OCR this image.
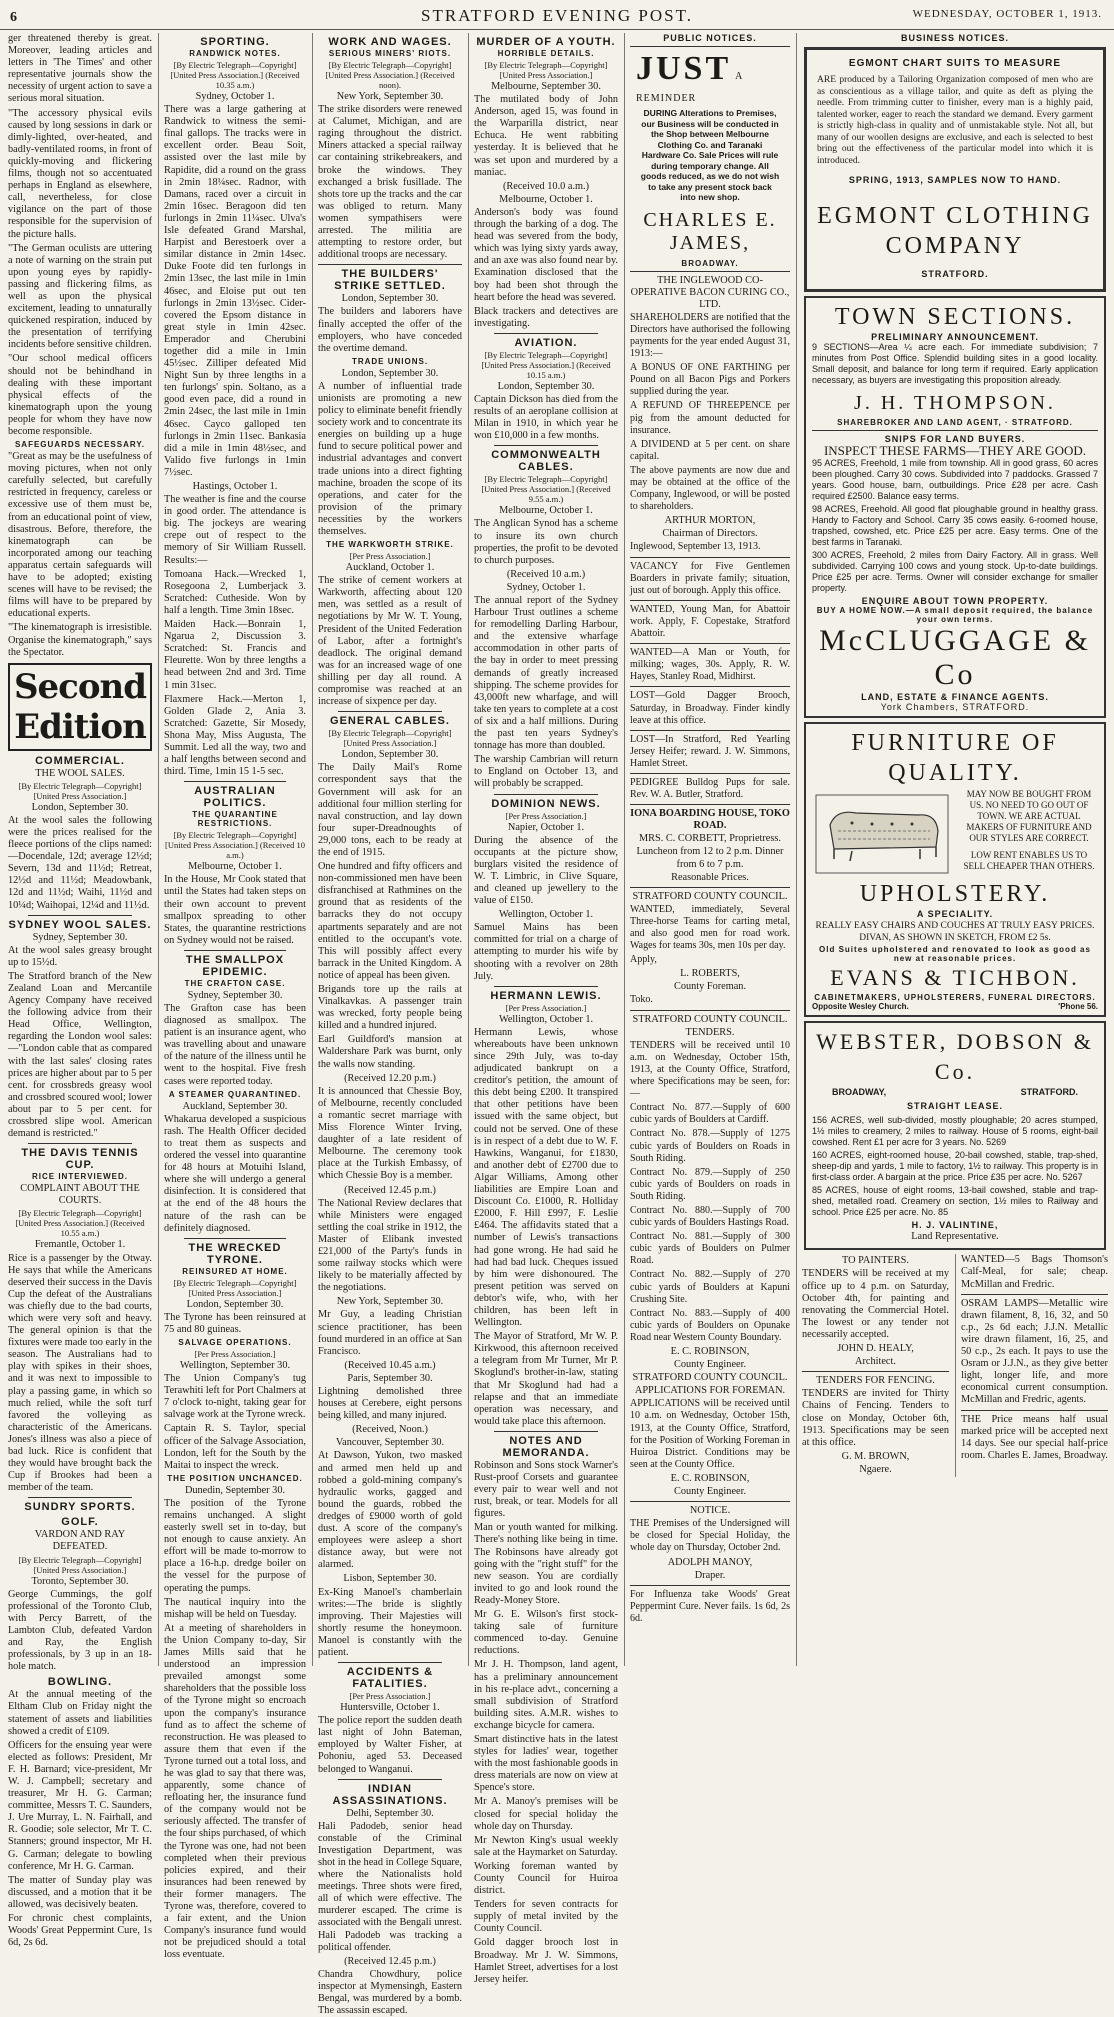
6	STRATFORD EVENING POST.	WEDNESDAY, OCTOBER 1, 1913.
ger threatened thereby is great. Moreover, leading articles and letters in 'The Times' and other representative journals show the necessity of urgent action to save a serious moral situation.
"The accessory physical evils caused by long sessions in dark or dimly-lighted, over-heated, and badly-ventilated rooms, in front of quickly-moving and flickering films, though not so accentuated perhaps in England as elsewhere, call, nevertheless, for close vigilance on the part of those responsible for the supervision of the picture halls.
"The German oculists are uttering a note of warning on the strain put upon young eyes by rapidly-passing and flickering films, as well as upon the physical excitement, leading to unnaturally quickened respiration, induced by the presentation of terrifying incidents before sensitive children.
"Our school medical officers should not be behindhand in dealing with these important physical effects of the kinematograph upon the young people for whom they have now become responsible.
SAFEGUARDS NECESSARY.
"Great as may be the usefulness of moving pictures, when not only carefully selected, but carefully restricted in frequency, careless or excessive use of them must be, from an educational point of view, disastrous. Before, therefore, the kinematograph can be incorporated among our teaching apparatus certain safeguards will have to be adopted; existing scenes will have to be revised; the films will have to be prepared by educational experts.
"The kinematograph is irresistible. Organise the kinematograph," says the Spectator.
Second Edition
COMMERCIAL.
THE WOOL SALES.
[By Electric Telegraph—Copyright] [United Press Association.]
London, September 30.
At the wool sales the following were the prices realised for the fleece portions of the clips named:—Docendale, 12d; average 12½d; Severn, 13d and 11½d; Retreat, 12½d and 11½d; Meadowbank, 12d and 11½d; Waihi, 11½d and 10¼d; Waihopai, 12¼d and 11½d.
SYDNEY WOOL SALES.
Sydney, September 30.
At the wool sales greasy brought up to 15½d.
The Stratford branch of the New Zealand Loan and Mercantile Agency Company have received the following advice from their Head Office, Wellington, regarding the London wool sales:—"London cable that as compared with the last sales' closing rates prices are higher about par to 5 per cent. for crossbreds greasy wool and crossbred scoured wool; lower about par to 5 per cent. for crossbred slipe wool. American demand is restricted."
THE DAVIS TENNIS CUP.
RICE INTERVIEWED.
COMPLAINT ABOUT THE COURTS.
[By Electric Telegraph—Copyright] [United Press Association.] (Received 10.55 a.m.)
Fremantle, October 1.
Rice is a passenger by the Otway. He says that while the Americans deserved their success in the Davis Cup the defeat of the Australians was chiefly due to the bad courts, which were very soft and heavy. The general opinion is that the fixtures were made too early in the season. The Australians had to play with spikes in their shoes, and it was next to impossible to play a passing game, in which so much relied, while the soft turf favored the volleying as characteristic of the Americans. Jones's illness was also a piece of bad luck. Rice is confident that they would have brought back the Cup if Brookes had been a member of the team.
SUNDRY SPORTS.
GOLF.
VARDON AND RAY DEFEATED.
[By Electric Telegraph—Copyright] [United Press Association.]
Toronto, September 30.
George Cummings, the golf professional of the Toronto Club, with Percy Barrett, of the Lambton Club, defeated Vardon and Ray, the English professionals, by 3 up in an 18-hole match.
BOWLING.
At the annual meeting of the Eltham Club on Friday night the statement of assets and liabilities showed a credit of £109.
Officers for the ensuing year were elected as follows: President, Mr F. H. Barnard; vice-president, Mr W. J. Campbell; secretary and treasurer, Mr H. G. Carman; committee, Messrs T. C. Saunders, J. Ure Murray, L. N. Fairhall, and R. Goodie; sole selector, Mr T. C. Stanners; ground inspector, Mr H. G. Carman; delegate to bowling conference, Mr H. G. Carman.
The matter of Sunday play was discussed, and a motion that it be allowed, was decisively beaten.
For chronic chest complaints, Woods' Great Peppermint Cure, 1s 6d, 2s 6d.
SPORTING.
RANDWICK NOTES.
[By Electric Telegraph—Copyright] [United Press Association.] (Received 10.35 a.m.)
Sydney, October 1.
There was a large gathering at Randwick to witness the semi-final gallops. The tracks were in excellent order. Beau Soit, assisted over the last mile by Rapidite, did a round on the grass in 2min 18¼sec. Radnor, with Damans, raced over a circuit in 2min 16sec. Beragoon did ten furlongs in 2min 11¼sec. Ulva's Isle defeated Grand Marshal, Harpist and Berestoerk over a similar distance in 2min 14sec. Duke Foote did ten furlongs in 2min 13sec, the last mile in 1min 46sec, and Eloise put out ten furlongs in 2min 13½sec. Cider-covered the Epsom distance in great style in 1min 42sec. Emperador and Cherubini together did a mile in 1min 45½sec. Zilliper defeated Mid Night Sun by three lengths in a ten furlongs' spin. Soltano, as a good even pace, did a round in 2min 24sec, the last mile in 1min 46sec. Cayco galloped ten furlongs in 2min 11sec. Bankasia did a mile in 1min 48½sec, and Valido five furlongs in 1min 7½sec.
Hastings, October 1.
The weather is fine and the course in good order. The attendance is big. The jockeys are wearing crepe out of respect to the memory of Sir William Russell. Results:—
Tomoana Hack.—Wrecked 1, Rosegoona 2, Lumberjack 3. Scratched: Cutheside. Won by half a length. Time 3min 18sec.
Maiden Hack.—Bonrain 1, Ngarua 2, Discussion 3. Scratched: St. Francis and Fleurette. Won by three lengths a head between 2nd and 3rd. Time 1 min 31sec.
Flaxmere Hack.—Merton 1, Golden Glade 2, Ania 3. Scratched: Gazette, Sir Mosedy, Shona May, Miss Augusta, The Summit. Led all the way, two and a half lengths between second and third. Time, 1min 15 1-5 sec.
AUSTRALIAN POLITICS.
THE QUARANTINE RESTRICTIONS.
[By Electric Telegraph—Copyright] [United Press Association.] (Received 10 a.m.)
Melbourne, October 1.
In the House, Mr Cook stated that until the States had taken steps on their own account to prevent smallpox spreading to other States, the quarantine restrictions on Sydney would not be raised.
THE SMALLPOX EPIDEMIC.
THE CRAFTON CASE.
Sydney, September 30.
The Grafton case has been diagnosed as smallpox. The patient is an insurance agent, who was travelling about and unaware of the nature of the illness until he went to the hospital. Five fresh cases were reported today.
A STEAMER QUARANTINED.
Auckland, September 30.
Whakarua developed a suspicious rash. The Health Officer decided to treat them as suspects and ordered the vessel into quarantine for 48 hours at Motuihi Island, where she will undergo a general disinfection. It is considered that at the end of the 48 hours the nature of the rash can be definitely diagnosed.
THE WRECKED TYRONE.
REINSURED AT HOME.
[By Electric Telegraph—Copyright] [United Press Association.]
London, September 30.
The Tyrone has been reinsured at 75 and 80 guineas.
SALVAGE OPERATIONS.
[Per Press Association.]
Wellington, September 30.
The Union Company's tug Terawhiti left for Port Chalmers at 7 o'clock to-night, taking gear for salvage work at the Tyrone wreck.
Captain R. S. Taylor, special officer of the Salvage Association, London, left for the South by the Maitai to inspect the wreck.
THE POSITION UNCHANCED.
Dunedin, September 30.
The position of the Tyrone remains unchanged. A slight easterly swell set in to-day, but not enough to cause anxiety. An effort will be made to-morrow to place a 16-h.p. dredge boiler on the vessel for the purpose of operating the pumps.
The nautical inquiry into the mishap will be held on Tuesday.
At a meeting of shareholders in the Union Company to-day, Sir James Mills said that he understood an impression prevailed amongst some shareholders that the possible loss of the Tyrone might so encroach upon the company's insurance fund as to affect the scheme of reconstruction. He was pleased to assure them that even if the Tyrone turned out a total loss, and he was glad to say that there was, apparently, some chance of refloating her, the insurance fund of the company would not be seriously affected. The transfer of the four ships purchased, of which the Tyrone was one, had not been completed when their previous policies expired, and their insurances had been renewed by their former managers. The Tyrone was, therefore, covered to a fair extent, and the Union Company's insurance fund would not be prejudiced should a total loss eventuate.
WORK AND WAGES.
SERIOUS MINERS' RIOTS.
[By Electric Telegraph—Copyright] [United Press Association.] (Received noon).
New York, September 30.
The strike disorders were renewed at Calumet, Michigan, and are raging throughout the district. Miners attacked a special railway car containing strikebreakers, and broke the windows. They exchanged a brisk fusillade. The shots tore up the tracks and the car was obliged to return. Many women sympathisers were arrested. The militia are attempting to restore order, but additional troops are necessary.
THE BUILDERS' STRIKE SETTLED.
London, September 30.
The builders and laborers have finally accepted the offer of the employers, who have conceded the overtime demand.
TRADE UNIONS.
London, September 30.
A number of influential trade unionists are promoting a new policy to eliminate benefit friendly society work and to concentrate its energies on building up a huge fund to secure political power and industrial advantages and convert trade unions into a direct fighting machine, broaden the scope of its operations, and cater for the provision of the primary necessities by the workers themselves.
THE WARKWORTH STRIKE.
[Per Press Association.]
Auckland, October 1.
The strike of cement workers at Warkworth, affecting about 120 men, was settled as a result of negotiations by Mr W. T. Young, President of the United Federation of Labor, after a fortnight's deadlock. The original demand was for an increased wage of one shilling per day all round. A compromise was reached at an increase of sixpence per day.
GENERAL CABLES.
[By Electric Telegraph—Copyright] [United Press Association.]
London, September 30.
The Daily Mail's Rome correspondent says that the Government will ask for an additional four million sterling for naval construction, and lay down four super-Dreadnoughts of 29,000 tons, each to be ready at the end of 1915.
One hundred and fifty officers and non-commissioned men have been disfranchised at Rathmines on the ground that as residents of the barracks they do not occupy apartments separately and are not entitled to the occupant's vote. This will possibly affect every barrack in the United Kingdom. A notice of appeal has been given.
Brigands tore up the rails at Vinalkavkas. A passenger train was wrecked, forty people being killed and a hundred injured.
Earl Guildford's mansion at Waldershare Park was burnt, only the walls now standing.
(Received 12.20 p.m.)
It is announced that Chessie Boy, of Melbourne, recently concluded a romantic secret marriage with Miss Florence Winter Irving, daughter of a late resident of Melbourne. The ceremony took place at the Turkish Embassy, of which Chessie Boy is a member.
(Received 12.45 p.m.)
The National Review declares that while Ministers were engaged settling the coal strike in 1912, the Master of Elibank invested £21,000 of the Party's funds in some railway stocks which were likely to be materially affected by the negotiations.
New York, September 30.
Mr Guy, a leading Christian science practitioner, has been found murdered in an office at San Francisco.
(Received 10.45 a.m.)
Paris, September 30.
Lightning demolished three houses at Cerebere, eight persons being killed, and many injured.
(Received, Noon.)
Vancouver, September 30.
At Dawson, Yukon, two masked and armed men held up and robbed a gold-mining company's hydraulic works, gagged and bound the guards, robbed the dredges of £9000 worth of gold dust. A score of the company's employees were asleep a short distance away, but were not alarmed.
Lisbon, September 30.
Ex-King Manoel's chamberlain writes:—The bride is slightly improving. Their Majesties will shortly resume the honeymoon. Manoel is constantly with the patient.
ACCIDENTS & FATALITIES.
[Per Press Association.]
Huntersville, October 1.
The police report the sudden death last night of John Bateman, employed by Walter Fisher, at Pohoniu, aged 53. Deceased belonged to Wanganui.
INDIAN ASSASSINATIONS.
Delhi, September 30.
Hali Padodeb, senior head constable of the Criminal Investigation Department, was shot in the head in College Square, where the Nationalists hold meetings. Three shots were fired, all of which were effective. The murderer escaped. The crime is associated with the Bengali unrest. Hali Padodeb was tracking a political offender.
(Received 12.45 p.m.)
Chandra Chowdhury, police inspector at Mymensingh, Eastern Bengal, was murdered by a bomb. The assassin escaped.
MURDER OF A YOUTH.
HORRIBLE DETAILS.
[By Electric Telegraph—Copyright] [United Press Association.]
Melbourne, September 30.
The mutilated body of John Anderson, aged 15, was found in the Warparilla district, near Echuca. He went rabbiting yesterday. It is believed that he was set upon and murdered by a maniac.
(Received 10.0 a.m.)
Melbourne, October 1.
Anderson's body was found through the barking of a dog. The head was severed from the body, which was lying sixty yards away, and an axe was also found near by. Examination disclosed that the boy had been shot through the heart before the head was severed.
Black trackers and detectives are investigating.
AVIATION.
[By Electric Telegraph—Copyright] [United Press Association.] (Received 10.15 a.m.)
London, September 30.
Captain Dickson has died from the results of an aeroplane collision at Milan in 1910, in which year he won £10,000 in a few months.
COMMONWEALTH CABLES.
[By Electric Telegraph—Copyright] [United Press Association.] (Received 9.55 a.m.)
Melbourne, October 1.
The Anglican Synod has a scheme to insure its own church properties, the profit to be devoted to church purposes.
(Received 10 a.m.)
Sydney, October 1.
The annual report of the Sydney Harbour Trust outlines a scheme for remodelling Darling Harbour, and the extensive wharfage accommodation in other parts of the bay in order to meet pressing demands of greatly increased shipping. The scheme provides for 43,000ft new wharfage, and will take ten years to complete at a cost of six and a half millions. During the past ten years Sydney's tonnage has more than doubled.
The warship Cambrian will return to England on October 13, and will probably be scrapped.
DOMINION NEWS.
[Per Press Association.]
Napier, October 1.
During the absence of the occupants at the picture show, burglars visited the residence of W. T. Limbric, in Clive Square, and cleaned up jewellery to the value of £150.
Wellington, October 1.
Samuel Mains has been committed for trial on a charge of attempting to murder his wife by shooting with a revolver on 28th July.
HERMANN LEWIS.
[Per Press Association.]
Wellington, October 1.
Hermann Lewis, whose whereabouts have been unknown since 29th July, was to-day adjudicated bankrupt on a creditor's petition, the amount of this debt being £200. It transpired that other petitions have been issued with the same object, but could not be served. One of these is in respect of a debt due to W. F. Hawkins, Wanganui, for £1830, and another debt of £2700 due to Algar Williams, Among other liabilities are Empire Loan and Discount Co. £1000, R. Holliday £2000, F. Hill £997, F. Leslie £464. The affidavits stated that a number of Lewis's transactions had gone wrong. He had said he had had bad luck. Cheques issued by him were dishonoured. The present petition was served on debtor's wife, who, with her children, has been left in Wellington.
The Mayor of Stratford, Mr W. P. Kirkwood, this afternoon received a telegram from Mr Turner, Mr P. Skoglund's brother-in-law, stating that Mr Skoglund had had a relapse and that an immediate operation was necessary, and would take place this afternoon.
NOTES AND MEMORANDA.
Robinson and Sons stock Warner's Rust-proof Corsets and guarantee every pair to wear well and not rust, break, or tear. Models for all figures.
Man or youth wanted for milking. There's nothing like being in time. The Robinsons have already got going with the "right stuff" for the new season. You are cordially invited to go and look round the Ready-Money Store.
Mr G. E. Wilson's first stock-taking sale of furniture commenced to-day. Genuine reductions.
Mr J. H. Thompson, land agent, has a preliminary announcement in his re-place advt., concerning a small subdivision of Stratford building sites. A.M.R. wishes to exchange bicycle for camera.
Smart distinctive hats in the latest styles for ladies' wear, together with the most fashionable goods in dress materials are now on view at Spence's store.
Mr A. Manoy's premises will be closed for special holiday the whole day on Thursday.
Mr Newton King's usual weekly sale at the Haymarket on Saturday.
Working foreman wanted by County Council for Huiroa district.
Tenders for seven contracts for supply of metal invited by the County Council.
Gold dagger brooch lost in Broadway. Mr J. W. Simmons, Hamlet Street, advertises for a lost Jersey heifer.
PUBLIC NOTICES.
JUST A REMINDER
DURING Alterations to Premises, our Business will be conducted in the Shop between Melbourne Clothing Co. and Taranaki Hardware Co. Sale Prices will rule during temporary change. All goods reduced, as we do not wish to take any present stock back into new shop.
CHARLES E. JAMES,
BROADWAY.
THE INGLEWOOD CO-OPERATIVE BACON CURING CO., LTD.
SHAREHOLDERS are notified that the Directors have authorised the following payments for the year ended August 31, 1913:—
A BONUS OF ONE FARTHING per Pound on all Bacon Pigs and Porkers supplied during the year.
A REFUND OF THREEPENCE per pig from the amount deducted for insurance.
A DIVIDEND at 5 per cent. on share capital.
The above payments are now due and may be obtained at the office of the Company, Inglewood, or will be posted to shareholders.
ARTHUR MORTON,
Chairman of Directors.
Inglewood, September 13, 1913.
VACANCY for Five Gentlemen Boarders in private family; situation, just out of borough. Apply this office.
WANTED, Young Man, for Abattoir work. Apply, F. Copestake, Stratford Abattoir.
WANTED—A Man or Youth, for milking; wages, 30s. Apply, R. W. Hayes, Stanley Road, Midhirst.
LOST—Gold Dagger Brooch, Saturday, in Broadway. Finder kindly leave at this office.
LOST—In Stratford, Red Yearling Jersey Heifer; reward. J. W. Simmons, Hamlet Street.
PEDIGREE Bulldog Pups for sale. Rev. W. A. Butler, Stratford.
IONA BOARDING HOUSE, TOKO ROAD.
MRS. C. CORBETT, Proprietress.
Luncheon from 12 to 2 p.m. Dinner from 6 to 7 p.m.
Reasonable Prices.
STRATFORD COUNTY COUNCIL.
WANTED, immediately, Several Three-horse Teams for carting metal, and also good men for road work. Wages for teams 30s, men 10s per day.
Apply,
L. ROBERTS,
County Foreman.
Toko.
STRATFORD COUNTY COUNCIL.
TENDERS.
TENDERS will be received until 10 a.m. on Wednesday, October 15th, 1913, at the County Office, Stratford, where Specifications may be seen, for:—
Contract No. 877.—Supply of 600 cubic yards of Boulders at Cardiff.
Contract No. 878.—Supply of 1275 cubic yards of Boulders on Roads in South Riding.
Contract No. 879.—Supply of 250 cubic yards of Boulders on roads in South Riding.
Contract No. 880.—Supply of 700 cubic yards of Boulders Hastings Road.
Contract No. 881.—Supply of 300 cubic yards of Boulders on Pulmer Road.
Contract No. 882.—Supply of 270 cubic yards of Boulders at Kapuni Crushing Site.
Contract No. 883.—Supply of 400 cubic yards of Boulders on Opunake Road near Western County Boundary.
E. C. ROBINSON,
County Engineer.
STRATFORD COUNTY COUNCIL.
APPLICATIONS FOR FOREMAN.
APPLICATIONS will be received until 10 a.m. on Wednesday, October 15th, 1913, at the County Office, Stratford, for the Position of Working Foreman in Huiroa District. Conditions may be seen at the County Office.
E. C. ROBINSON,
County Engineer.
NOTICE.
THE Premises of the Undersigned will be closed for Special Holiday, the whole day on Thursday, October 2nd.
ADOLPH MANOY,
Draper.
For Influenza take Woods' Great Peppermint Cure. Never fails. 1s 6d, 2s 6d.
BUSINESS NOTICES.
EGMONT CHART SUITS TO MEASURE
ARE produced by a Tailoring Organization composed of men who are as conscientious as a village tailor, and quite as deft as plying the needle. From trimming cutter to finisher, every man is a highly paid, talented worker, eager to reach the standard we demand. Every garment is strictly high-class in quality and of unmistakable style. Not all, but many of our woollen designs are exclusive, and each is selected to best bring out the effectiveness of the particular model into which it is introduced.
SPRING, 1913, SAMPLES NOW TO HAND.
EGMONT CLOTHING
COMPANY
STRATFORD.
TOWN SECTIONS.
PRELIMINARY ANNOUNCEMENT.
9 SECTIONS—Area ¼ acre each. For immediate subdivision; 7 minutes from Post Office. Splendid building sites in a good locality. Small deposit, and balance for long term if required. Early application necessary, as buyers are investigating this proposition already.
J. H. THOMPSON.
SHAREBROKER AND LAND AGENT, · STRATFORD.
SNIPS FOR LAND BUYERS.
INSPECT THESE FARMS—THEY ARE GOOD.
95 ACRES, Freehold, 1 mile from township. All in good grass, 60 acres been ploughed. Carry 30 cows. Subdivided into 7 paddocks. Grassed 7 years. Good house, barn, outbuildings. Price £28 per acre. Cash required £2500. Balance easy terms.
98 ACRES, Freehold. All good flat ploughable ground in healthy grass. Handy to Factory and School. Carry 35 cows easily. 6-roomed house, trapshed, cowshed, etc. Price £25 per acre. Easy terms. One of the best farms in Taranaki.
300 ACRES, Freehold, 2 miles from Dairy Factory. All in grass. Well subdivided. Carrying 100 cows and young stock. Up-to-date buildings. Price £25 per acre. Terms. Owner will consider exchange for smaller property.
ENQUIRE ABOUT TOWN PROPERTY.
BUY A HOME NOW.—A small deposit required, the balance your own terms.
McCLUGGAGE & Co
LAND, ESTATE & FINANCE AGENTS.
York Chambers, STRATFORD.
FURNITURE OF QUALITY.
MAY NOW BE BOUGHT FROM US. NO NEED TO GO OUT OF TOWN. WE ARE ACTUAL MAKERS OF FURNITURE AND OUR STYLES ARE CORRECT.
LOW RENT ENABLES US TO SELL CHEAPER THAN OTHERS.
UPHOLSTERY.
A SPECIALITY.
REALLY EASY CHAIRS AND COUCHES AT TRULY EASY PRICES. DIVAN, AS SHOWN IN SKETCH, FROM £2 5s.
Old Suites upholstered and renovated to look as good as new at reasonable prices.
EVANS & TICHBON.
CABINETMAKERS, UPHOLSTERERS, FUNERAL DIRECTORS.
Opposite Wesley Church.	'Phone 56.
WEBSTER, DOBSON & Co.
BROADWAY,	STRATFORD.
STRAIGHT LEASE.
156 ACRES, well sub-divided, mostly ploughable; 20 acres stumped, 1½ miles to creamery, 2 miles to railway. House of 5 rooms, eight-bail cowshed. Rent £1 per acre for 3 years. No. 5269
160 ACRES, eight-roomed house, 20-bail cowshed, stable, trap-shed, sheep-dip and yards, 1 mile to factory, 1½ to railway. This property is in first-class order. A bargain at the price. Price £35 per acre. No. 5267
85 ACRES, house of eight rooms, 13-bail cowshed, stable and trap-shed, metalled road. Creamery on section, 1½ miles to Railway and school. Price £25 per acre. No. 85
H. J. VALINTINE,
Land Representative.
TO PAINTERS.
TENDERS will be received at my office up to 4 p.m. on Saturday, October 4th, for painting and renovating the Commercial Hotel. The lowest or any tender not necessarily accepted.
JOHN D. HEALY,
Architect.
TENDERS FOR FENCING.
TENDERS are invited for Thirty Chains of Fencing. Tenders to close on Monday, October 6th, 1913. Specifications may be seen at this office.
G. M. BROWN,
Ngaere.
WANTED—5 Bags Thomson's Calf-Meal, for sale; cheap. McMillan and Fredric.
OSRAM LAMPS—Metallic wire drawn filament, 8, 16, 32, and 50 c.p., 2s 6d each; J.J.N. Metallic wire drawn filament, 16, 25, and 50 c.p., 2s each. It pays to use the Osram or J.J.N., as they give better light, longer life, and more economical current consumption. McMillan and Fredric, agents.
THE Price means half usual marked price will be accepted next 14 days. See our special half-price room. Charles E. James, Broadway.
